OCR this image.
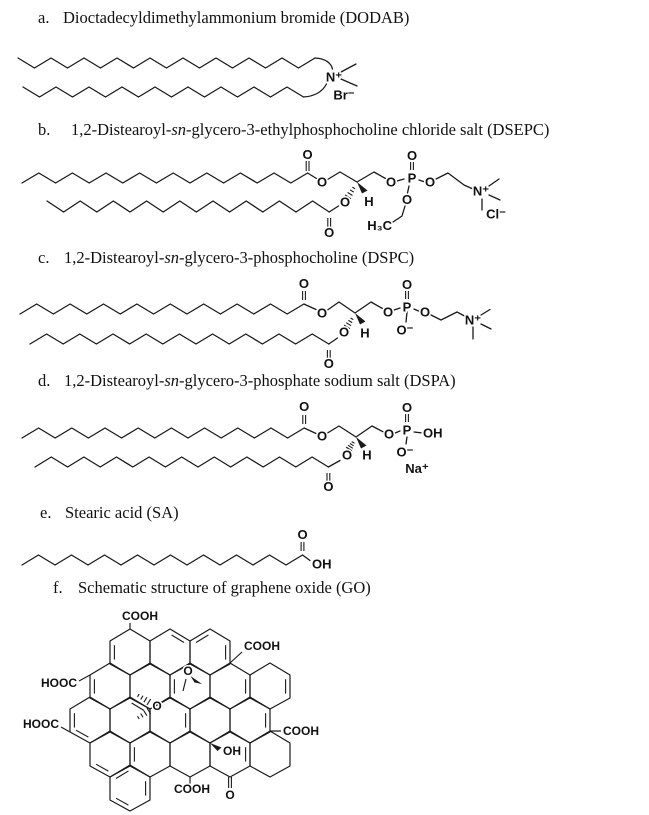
a. Dioctadecyldimethylammonium bromide (DODAB)
b. 1,2-Distearoyl-sn-glycero-3-ethylphosphocholine chloride salt (DSEPC)
c. 1,2-Distearoyl-sn-glycero-3-phosphocholine (DSPC)
d. 1,2-Distearoyl-sn-glycero-3-phosphate sodium salt (DSPA)
e. Stearic acid (SA)
f. Schematic structure of graphene oxide (GO)
N⁺
Br⁻
O
O
O
O
H
O P
O
O
H₃C
O
N⁺
Cl⁻
O
O
O
O
H
O P
O
O⁻
O
N⁺
O
O
O
O
H
O P
O
OH
O⁻
Na⁺
O
OH
COOH
COOH
HOOC
HOOC	COOH
COOH O
O
O
OH
